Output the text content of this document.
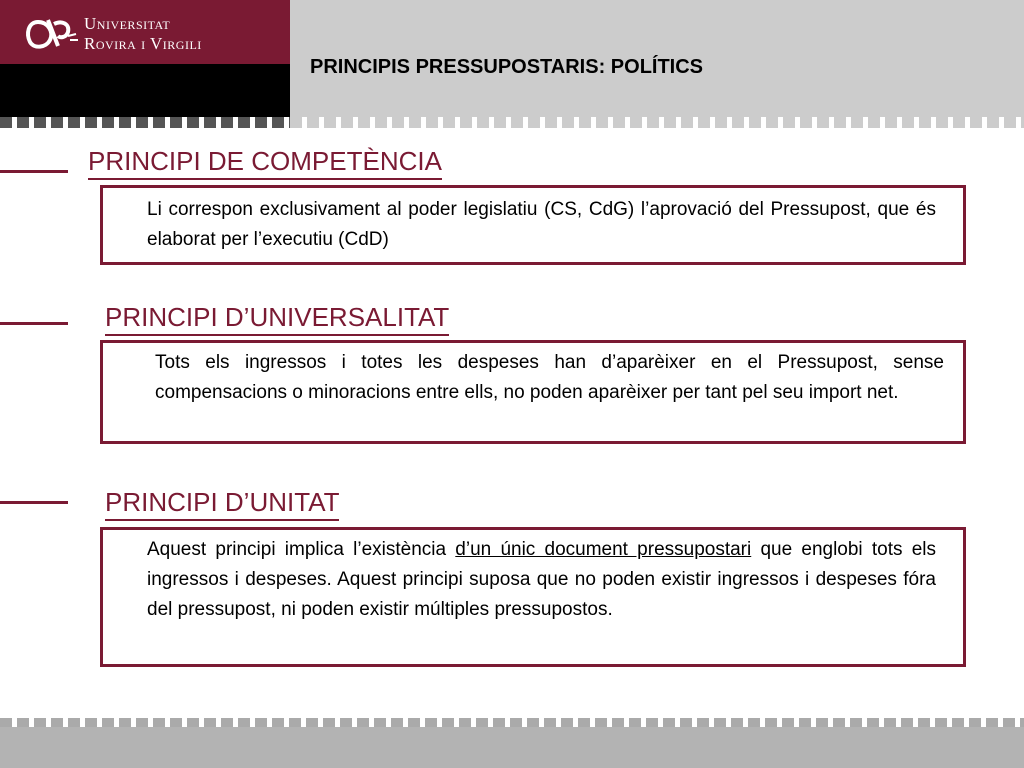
Universitat
Rovira i Virgili
PRINCIPIS PRESSUPOSTARIS: POLÍTICS
PRINCIPI DE COMPETÈNCIA

Li correspon exclusivament al poder legislatiu (CS, CdG) l’aprovació del Pressupost, que és elaborat per l’executiu (CdD)

PRINCIPI D’UNIVERSALITAT

Tots els ingressos i totes les despeses han d’aparèixer en el Pressupost, sense compensacions o minoracions entre ells, no poden aparèixer per tant pel seu import net.

PRINCIPI D’UNITAT

Aquest principi implica l’existència d’un únic document pressupostari que englobi tots els ingressos i despeses. Aquest principi suposa que no poden existir ingressos i despeses fóra del pressupost, ni poden existir múltiples pressupostos.
